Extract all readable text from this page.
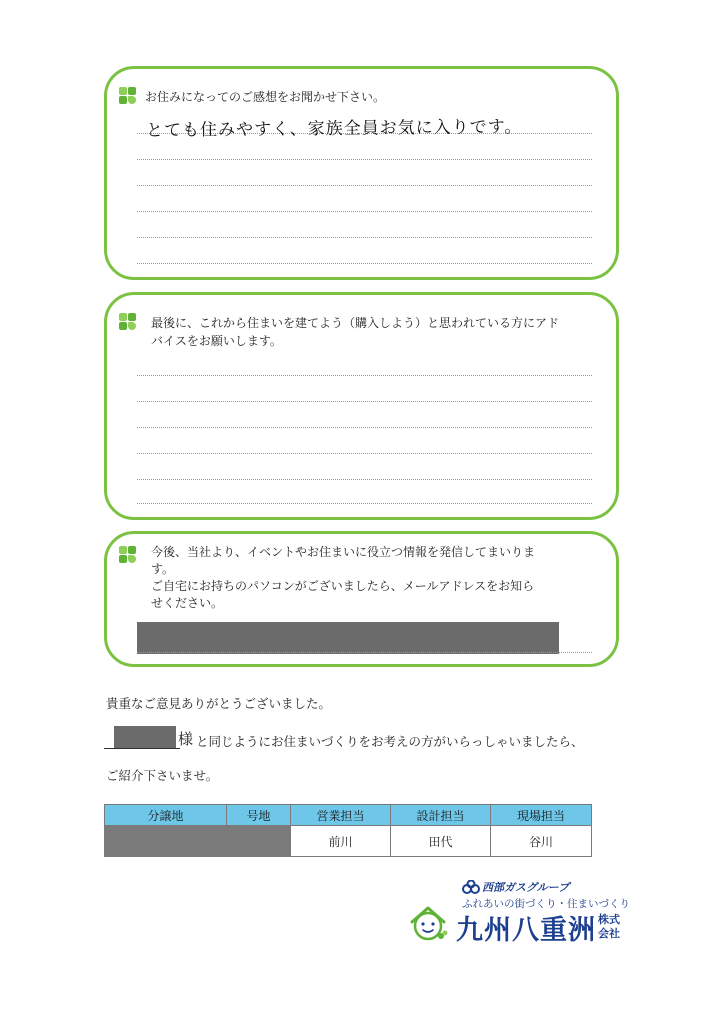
お住みになってのご感想をお聞かせ下さい。
とても住みやすく、家族全員お気に入りです。
最後に、これから住まいを建てよう（購入しよう）と思われている方にアド
バイスをお願いします。
今後、当社より、イベントやお住まいに役立つ情報を発信してまいりま
す。
ご自宅にお持ちのパソコンがございましたら、メールアドレスをお知ら
せください。
貴重なご意見ありがとうございました。
様 と同じようにお住まいづくりをお考えの方がいらっしゃいましたら、
ご紹介下さいませ。
分譲地	号地	営業担当	設計担当	現場担当
		前川	田代	谷川
西部ガスグループ
ふれあいの街づくり・住まいづくり
九州八重洲 株式
会社
